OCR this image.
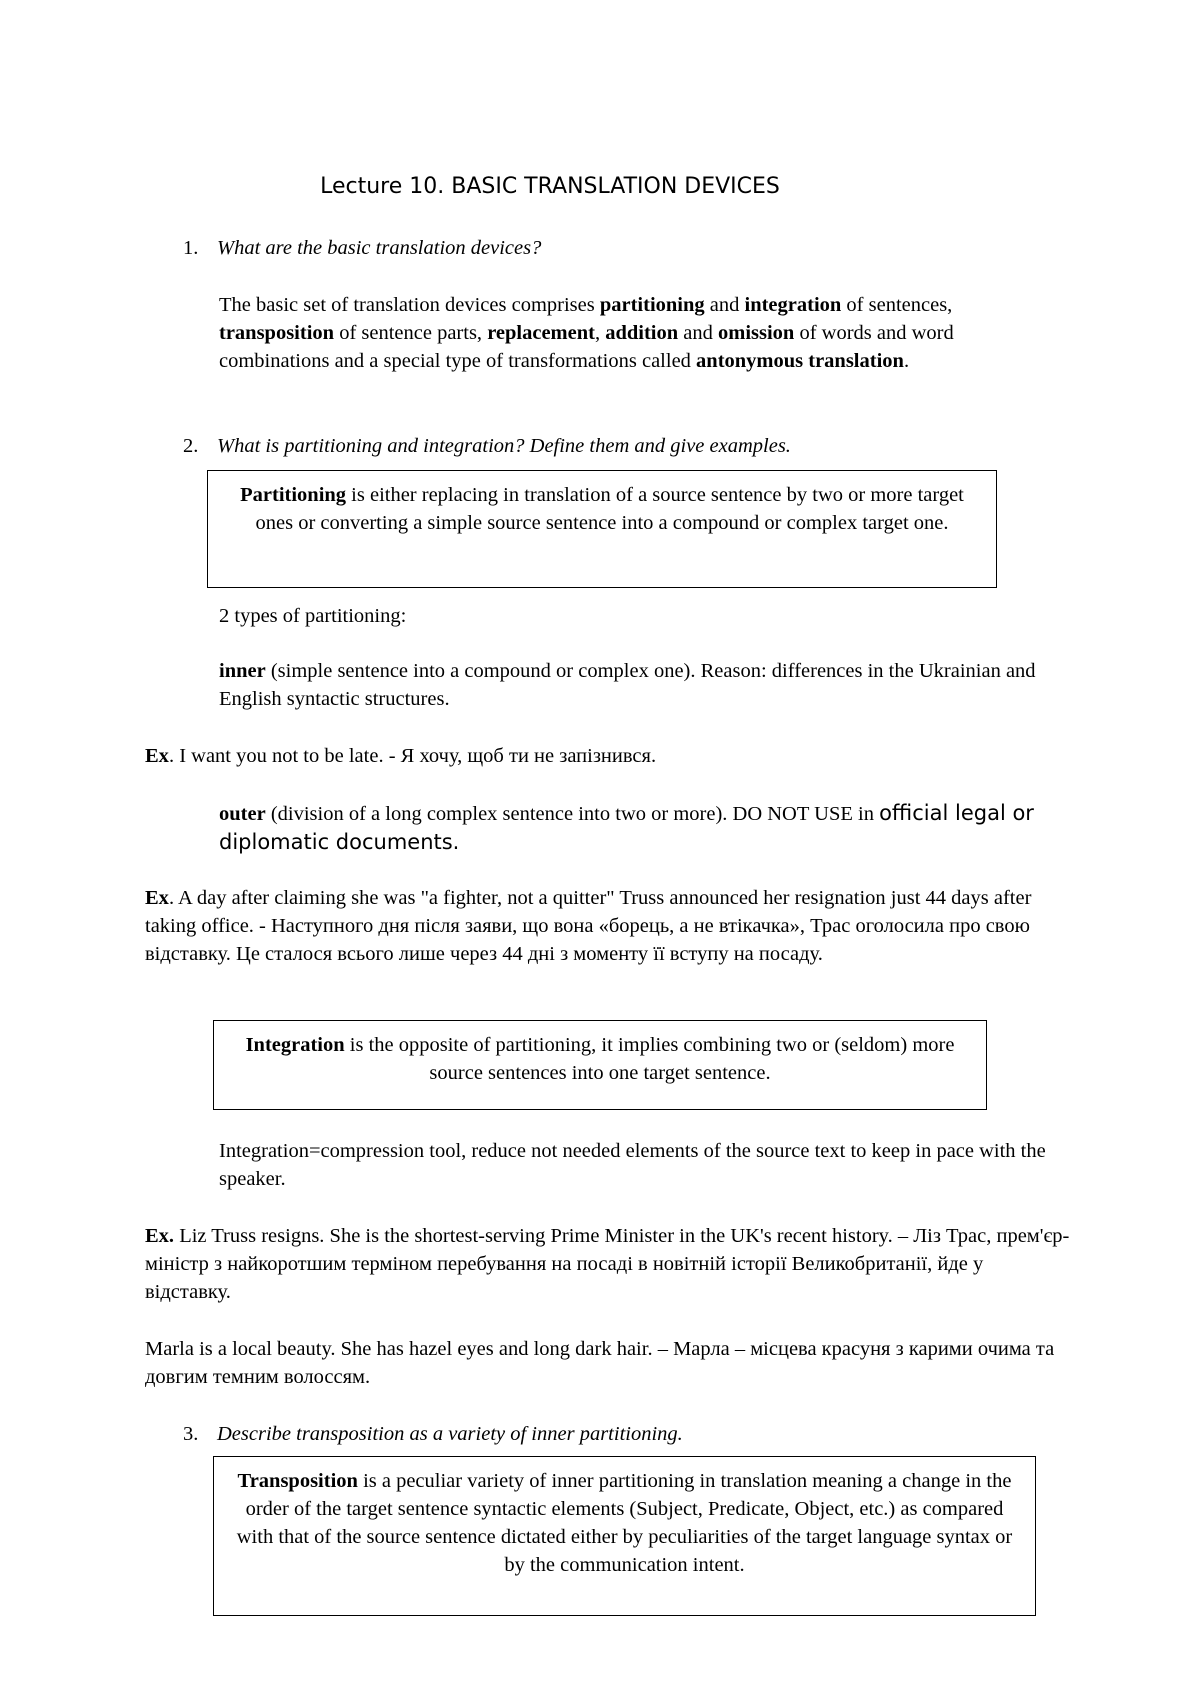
Lecture 10. BASIC TRANSLATION DEVICES
1. What are the basic translation devices?
The basic set of translation devices comprises partitioning and integration of sentences, transposition of sentence parts, replacement, addition and omission of words and word combinations and a special type of transformations called antonymous translation.
2. What is partitioning and integration? Define them and give examples.
Partitioning is either replacing in translation of a source sentence by two or more target ones or converting a simple source sentence into a compound or complex target one.
2 types of partitioning:
inner (simple sentence into a compound or complex one). Reason: differences in the Ukrainian and English syntactic structures.
Ex. I want you not to be late. - Я хочу, щоб ти не запізнився.
outer (division of a long complex sentence into two or more). DO NOT USE in official legal or diplomatic documents.
Ex. A day after claiming she was "a fighter, not a quitter" Truss announced her resignation just 44 days after taking office. - Наступного дня після заяви, що вона «борець, а не втікачка», Трас оголосила про свою відставку. Це сталося всього лише через 44 дні з моменту її вступу на посаду.
Integration is the opposite of partitioning, it implies combining two or (seldom) more source sentences into one target sentence.
Integration=compression tool, reduce not needed elements of the source text to keep in pace with the speaker.
Ex. Liz Truss resigns. She is the shortest-serving Prime Minister in the UK's recent history. – Ліз Трас, прем'єр-міністр з найкоротшим терміном перебування на посаді в новітній історії Великобританії, йде у відставку.
Marla is a local beauty. She has hazel eyes and long dark hair. – Марла – місцева красуня з карими очима та довгим темним волоссям.
3. Describe transposition as a variety of inner partitioning.
Transposition is a peculiar variety of inner partitioning in translation meaning a change in the order of the target sentence syntactic elements (Subject, Predicate, Object, etc.) as compared with that of the source sentence dictated either by peculiarities of the target language syntax or by the communication intent.
